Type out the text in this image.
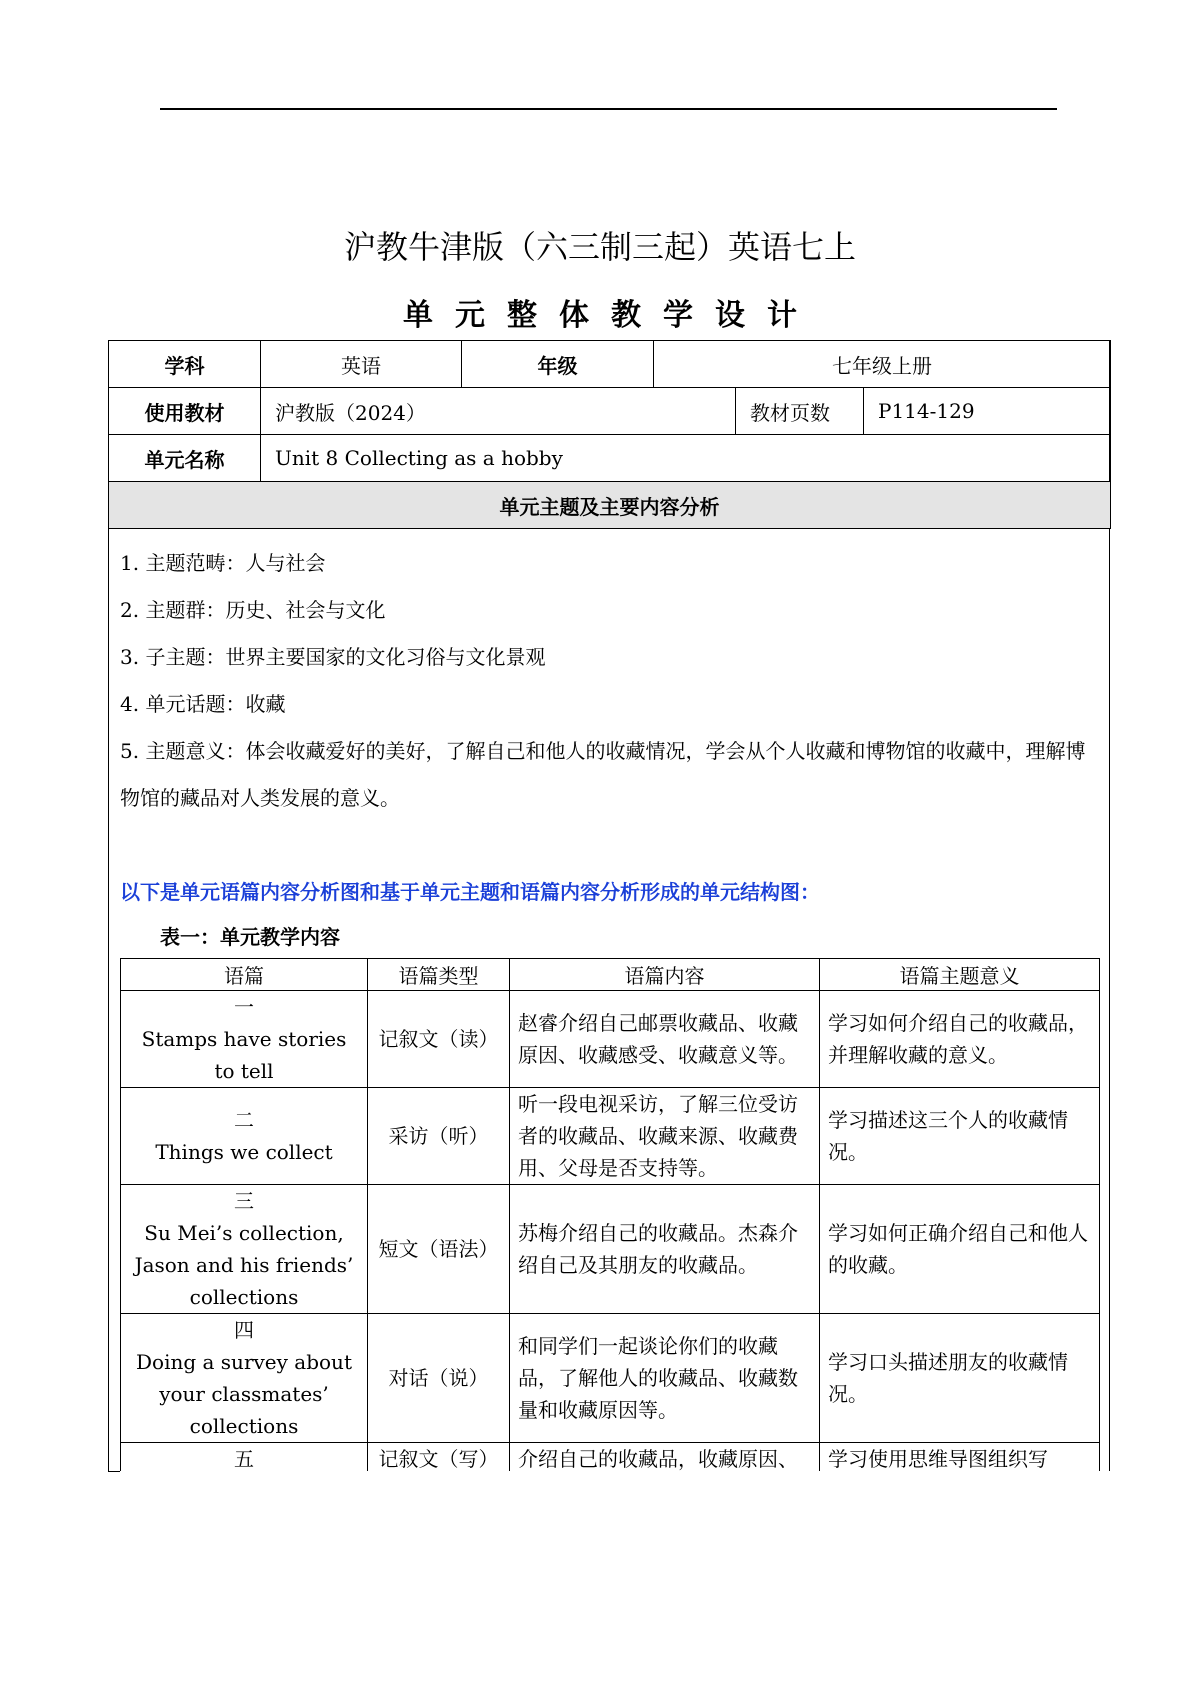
沪教牛津版（六三制三起）英语七上
单元整体教学设计
学科	英语	年级	七年级上册		
使用教材	沪教版（2024）			教材页数	P114-129
单元名称	Unit 8 Collecting as a hobby				
单元主题及主要内容分析					

1. 主题范畴：人与社会

2. 主题群：历史、社会与文化

3. 子主题：世界主要国家的文化习俗与文化景观

4. 单元话题：收藏

5. 主题意义：体会收藏爱好的美好，了解自己和他人的收藏情况，学会从个人收藏和博物馆的收藏中，理解博物馆的藏品对人类发展的意义。

以下是单元语篇内容分析图和基于单元主题和语篇内容分析形成的单元结构图：
表一：单元教学内容
语篇	语篇类型	语篇内容	语篇主题意义

一
Stamps have stories to tell	记叙文（读）	赵睿介绍自己邮票收藏品、收藏原因、收藏感受、收藏意义等。	学习如何介绍自己的收藏品，并理解收藏的意义。

二
Things we collect	采访（听）	听一段电视采访，了解三位受访者的收藏品、收藏来源、收藏费用、父母是否支持等。	学习描述这三个人的收藏情况。

三
Su Mei’s collection, Jason and his friends’ collections	短文（语法）	苏梅介绍自己的收藏品。杰森介绍自己及其朋友的收藏品。	学习如何正确介绍自己和他人的收藏。

四
Doing a survey about your classmates’ collections	对话（说）	和同学们一起谈论你们的收藏品，了解他人的收藏品、收藏数量和收藏原因等。	学习口头描述朋友的收藏情况。

五	记叙文（写）	介绍自己的收藏品，收藏原因、	学习使用思维导图组织写
